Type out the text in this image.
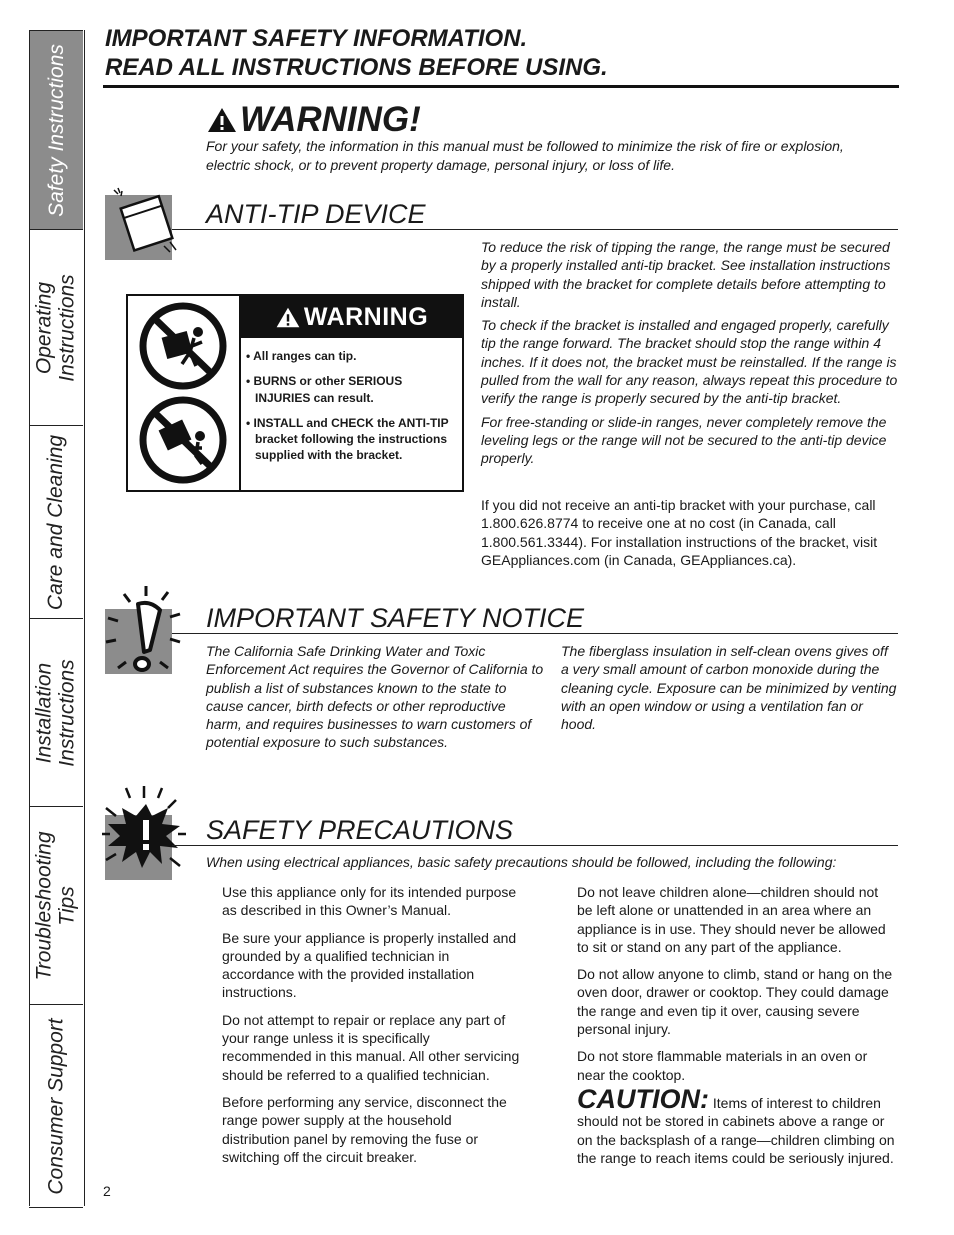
Safety Instructions
Operating
Instructions
Care and Cleaning
Installation
Instructions
Troubleshooting
Tips
Consumer Support
IMPORTANT SAFETY INFORMATION.
READ ALL INSTRUCTIONS BEFORE USING.
WARNING!
For your safety, the information in this manual must be followed to minimize the risk of fire or explosion, electric shock, or to prevent property damage, personal injury, or loss of life.
ANTI-TIP DEVICE

To reduce the risk of tipping the range, the range must be secured by a properly installed anti-tip bracket. See installation instructions shipped with the bracket for complete details before attempting to install.

To check if the bracket is installed and engaged properly, carefully tip the range forward. The bracket should stop the range within 4 inches. If it does not, the bracket must be reinstalled. If the range is pulled from the wall for any reason, always repeat this procedure to verify the range is properly secured by the anti-tip bracket.

For free-standing or slide-in ranges, never completely remove the leveling legs or the range will not be secured to the anti-tip device properly.

If you did not receive an anti-tip bracket with your purchase, call 1.800.626.8774 to receive one at no cost (in Canada, call 1.800.561.3344). For installation instructions of the bracket, visit GEAppliances.com (in Canada, GEAppliances.ca).
WARNING
• All ranges can tip.
• BURNS or other SERIOUS INJURIES can result.
• INSTALL and CHECK the ANTI-TIP bracket following the instructions supplied with the bracket.
IMPORTANT SAFETY NOTICE
The California Safe Drinking Water and Toxic Enforcement Act requires the Governor of California to publish a list of substances known to the state to cause cancer, birth defects or other reproductive harm, and requires businesses to warn customers of potential exposure to such substances.
The fiberglass insulation in self-clean ovens gives off a very small amount of carbon monoxide during the cleaning cycle. Exposure can be minimized by venting with an open window or using a ventilation fan or hood.
SAFETY PRECAUTIONS
When using electrical appliances, basic safety precautions should be followed, including the following:

Use this appliance only for its intended purpose as described in this Owner’s Manual.

Be sure your appliance is properly installed and grounded by a qualified technician in accordance with the provided installation instructions.

Do not attempt to repair or replace any part of your range unless it is specifically recommended in this manual. All other servicing should be referred to a qualified technician.

Before performing any service, disconnect the range power supply at the household distribution panel by removing the fuse or switching off the circuit breaker.

Do not leave children alone—children should not be left alone or unattended in an area where an appliance is in use. They should never be allowed to sit or stand on any part of the appliance.

Do not allow anyone to climb, stand or hang on the oven door, drawer or cooktop. They could damage the range and even tip it over, causing severe personal injury.

Do not store flammable materials in an oven or near the cooktop.

CAUTION: Items of interest to children should not be stored in cabinets above a range or on the backsplash of a range—children climbing on the range to reach items could be seriously injured.

2
